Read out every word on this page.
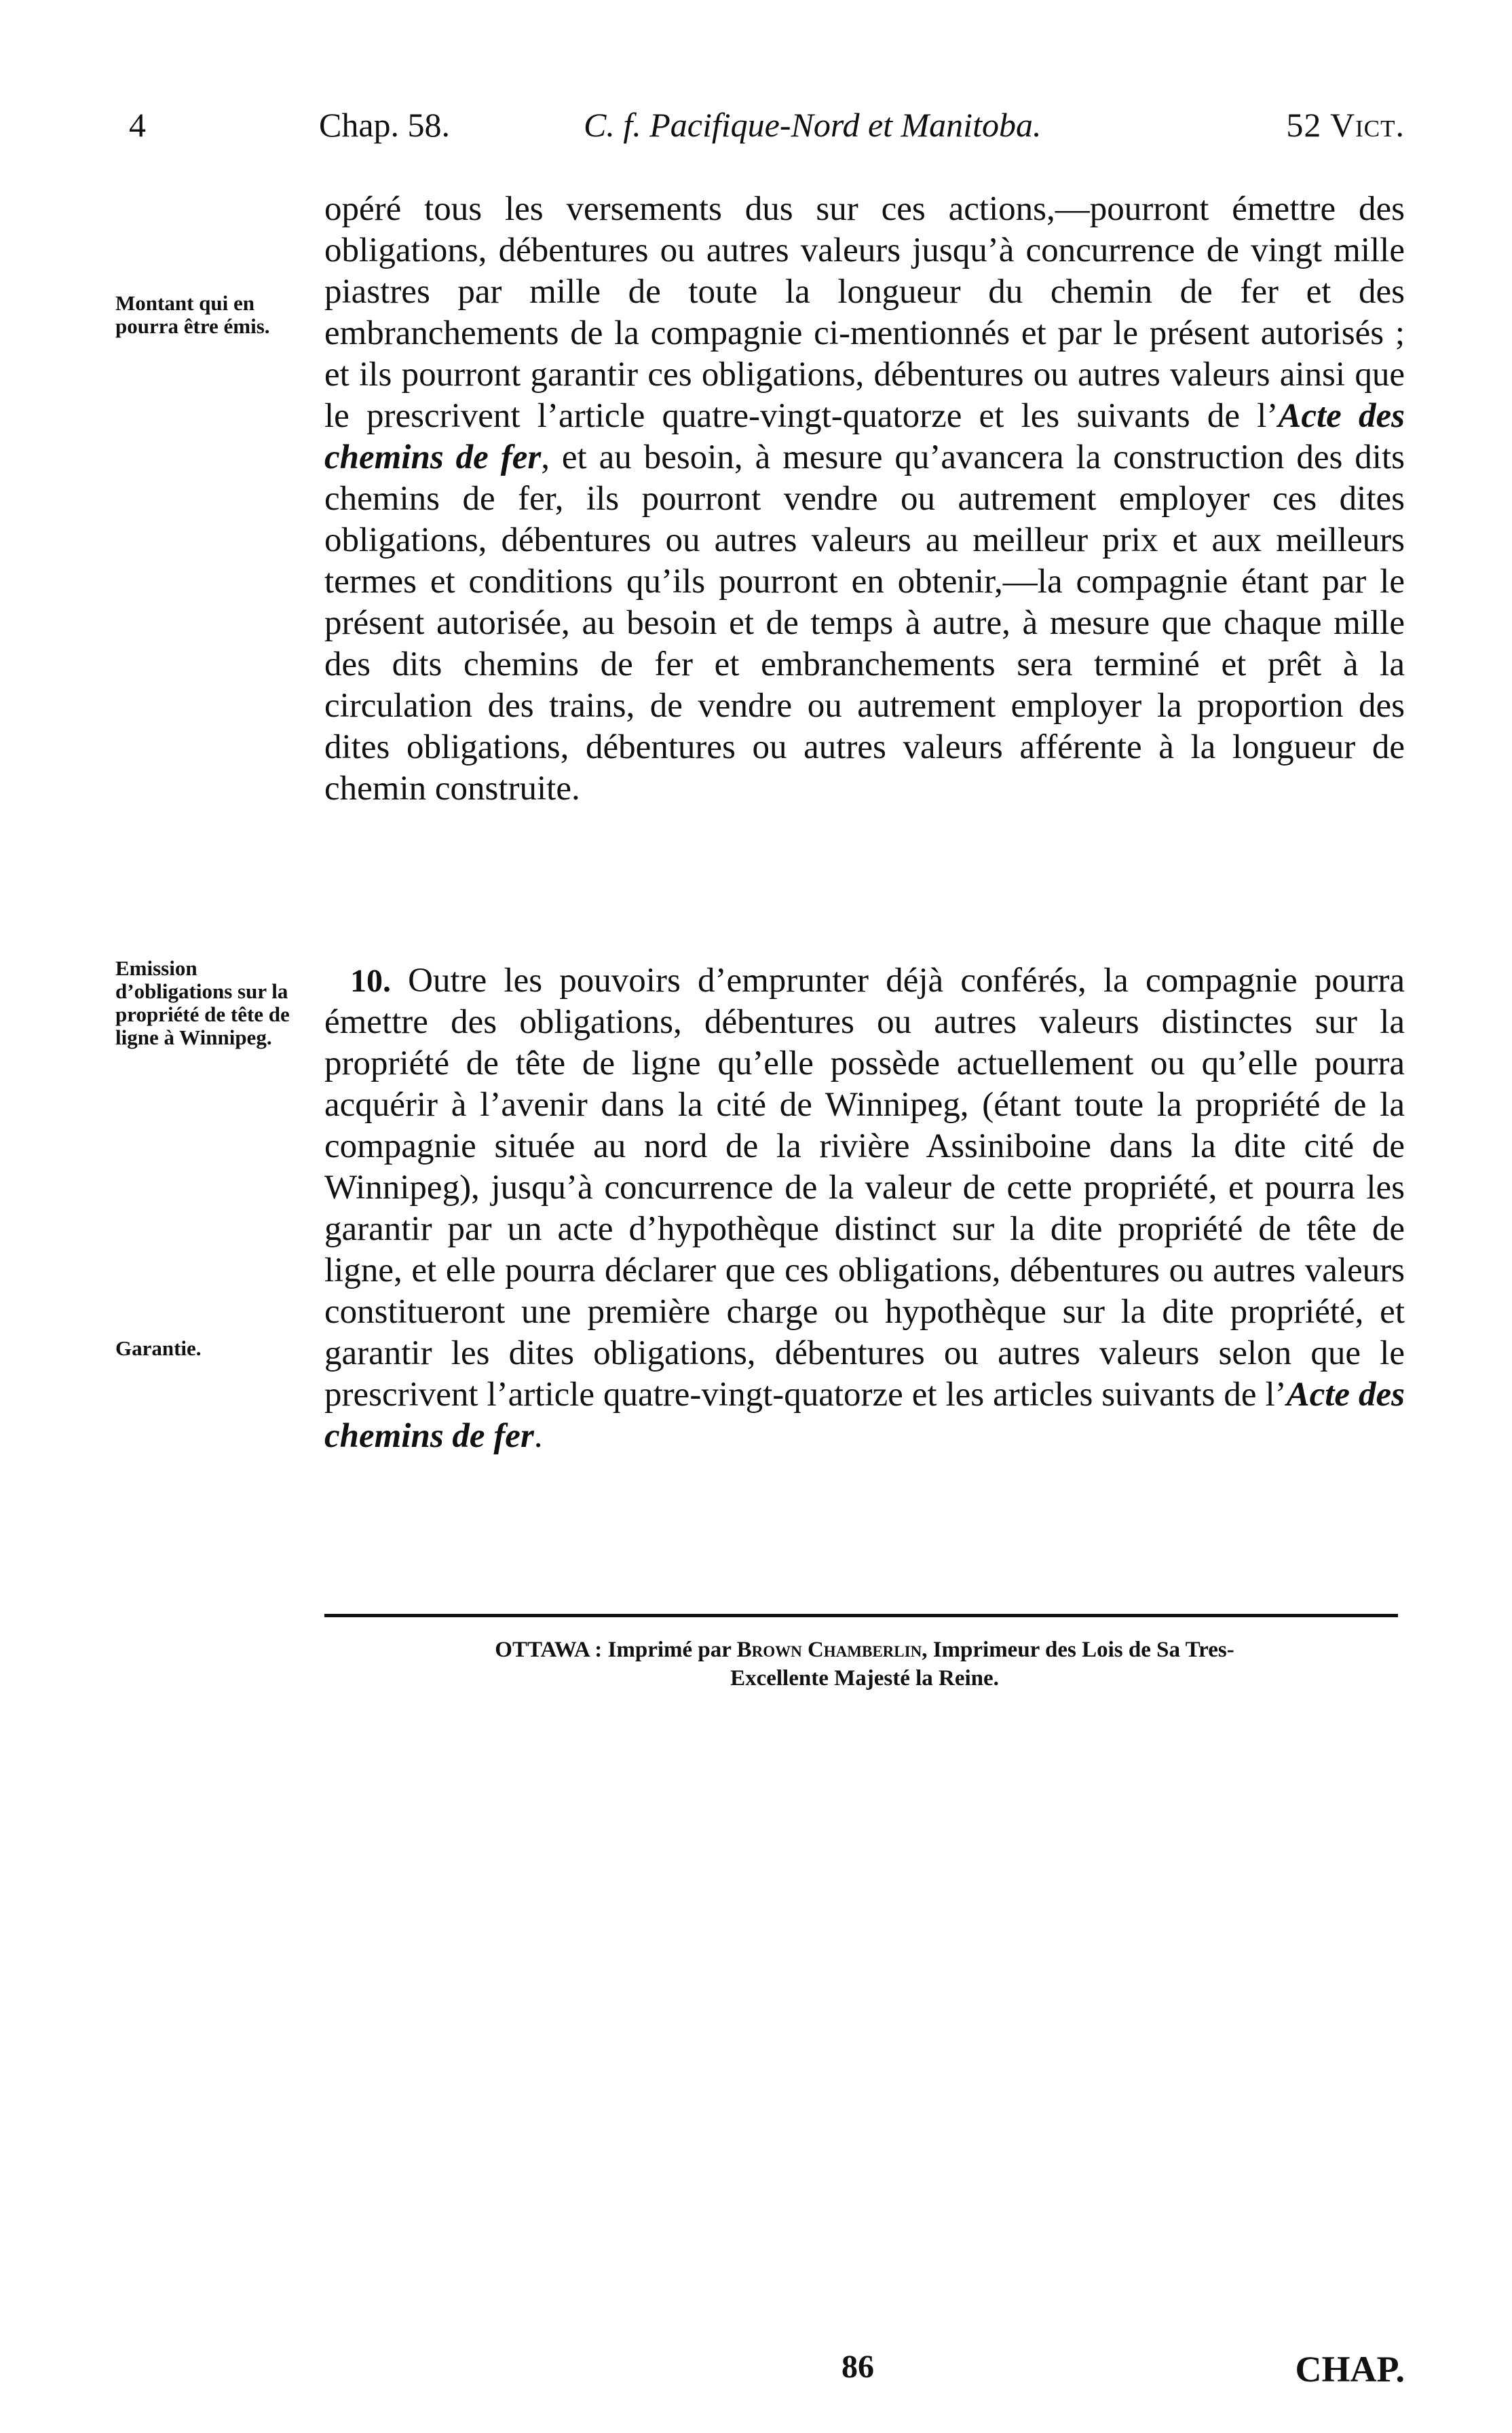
4	Chap. 58.	C. f. Pacifique-Nord et Manitoba.	52 Vict.
Montant qui en pourra être émis.
Emission d’obligations sur la propriété de tête de ligne à Winnipeg.
Garantie.
opéré tous les versements dus sur ces actions,—pourront émettre des obligations, débentures ou autres valeurs jusqu’à concurrence de vingt mille piastres par mille de toute la longueur du chemin de fer et des embranchements de la compagnie ci-mentionnés et par le présent autorisés ; et ils pourront garantir ces obligations, débentures ou autres valeurs ainsi que le prescrivent l’article quatre-vingt-quatorze et les suivants de l’Acte des chemins de fer, et au besoin, à mesure qu’avancera la construction des dits chemins de fer, ils pourront vendre ou autrement employer ces dites obligations, débentures ou autres valeurs au meilleur prix et aux meilleurs termes et conditions qu’ils pourront en obtenir,—la compagnie étant par le présent autorisée, au besoin et de temps à autre, à mesure que chaque mille des dits chemins de fer et embranchements sera terminé et prêt à la circulation des trains, de vendre ou autrement employer la proportion des dites obligations, débentures ou autres valeurs afférente à la longueur de chemin construite.
10. Outre les pouvoirs d’emprunter déjà conférés, la compagnie pourra émettre des obligations, débentures ou autres valeurs distinctes sur la propriété de tête de ligne qu’elle possède actuellement ou qu’elle pourra acquérir à l’avenir dans la cité de Winnipeg, (étant toute la propriété de la compagnie située au nord de la rivière Assiniboine dans la dite cité de Winnipeg), jusqu’à concurrence de la valeur de cette propriété, et pourra les garantir par un acte d’hypothèque distinct sur la dite propriété de tête de ligne, et elle pourra déclarer que ces obligations, débentures ou autres valeurs constitueront une première charge ou hypothèque sur la dite propriété, et garantir les dites obligations, débentures ou autres valeurs selon que le prescrivent l’article quatre-vingt-quatorze et les articles suivants de l’Acte des chemins de fer.
OTTAWA : Imprimé par Brown Chamberlin, Imprimeur des Lois de Sa Tres-
Excellente Majesté la Reine.
86	CHAP.
